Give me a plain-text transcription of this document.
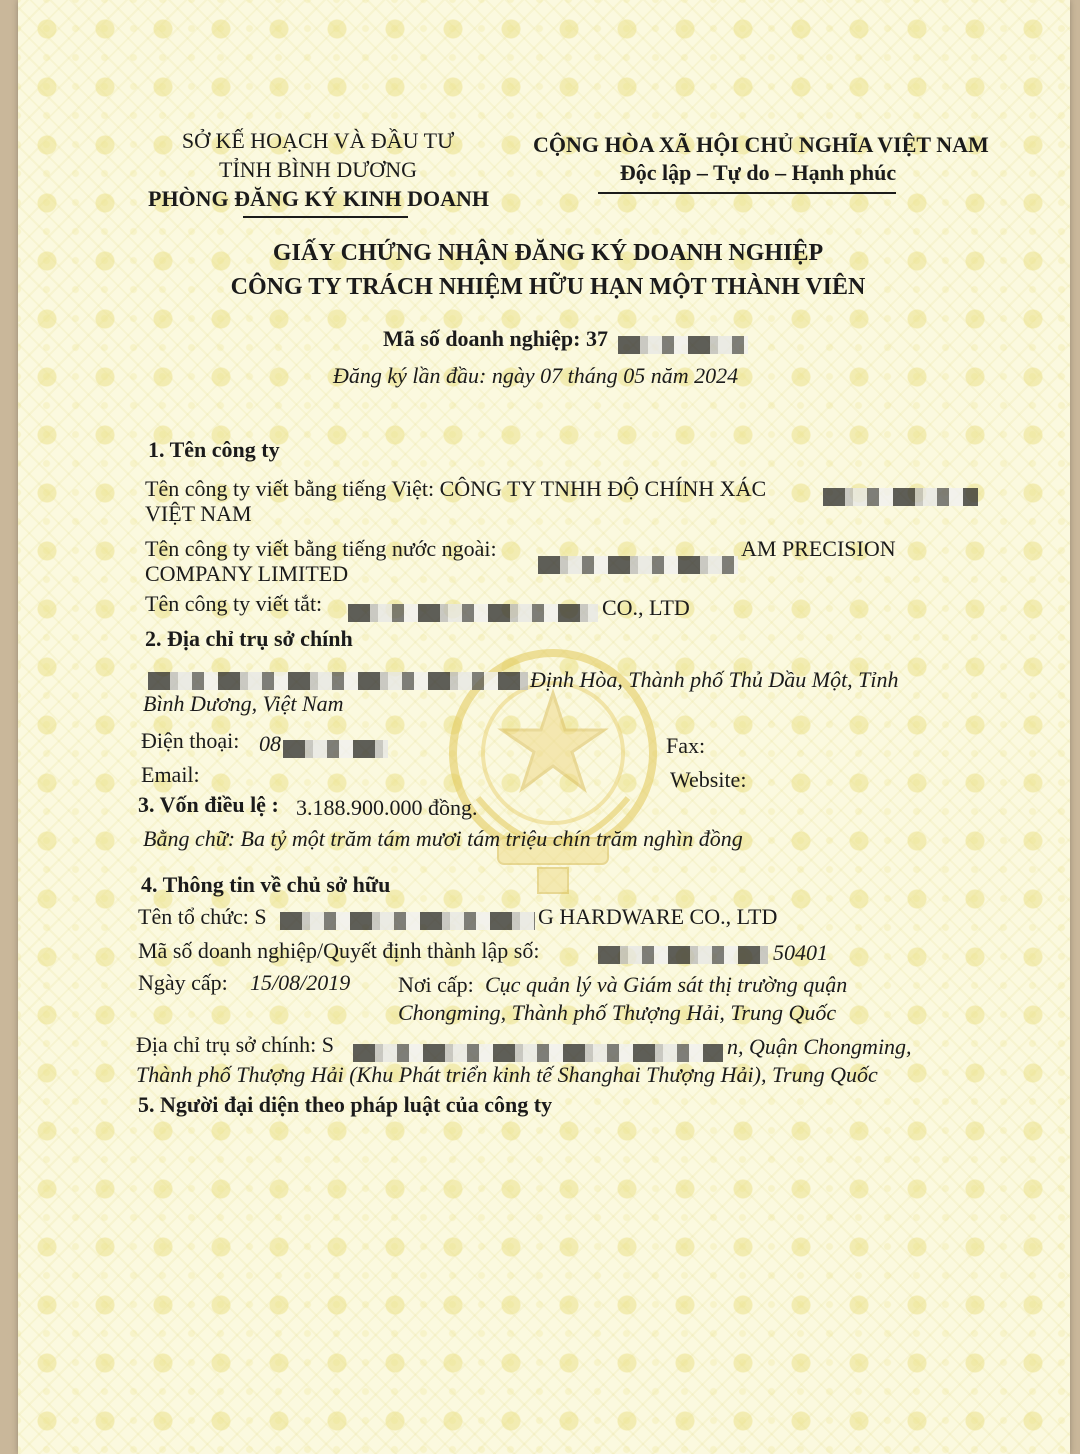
SỞ KẾ HOẠCH VÀ ĐẦU TƯ
TỈNH BÌNH DƯƠNG
PHÒNG ĐĂNG KÝ KINH DOANH
CỘNG HÒA XÃ HỘI CHỦ NGHĨA VIỆT NAM
Độc lập – Tự do – Hạnh phúc
GIẤY CHỨNG NHẬN ĐĂNG KÝ DOANH NGHIỆP
CÔNG TY TRÁCH NHIỆM HỮU HẠN MỘT THÀNH VIÊN
Mã số doanh nghiệp: 37
Đăng ký lần đầu: ngày 07 tháng 05 năm 2024
1. Tên công ty
Tên công ty viết bằng tiếng Việt: CÔNG TY TNHH ĐỘ CHÍNH XÁC
VIỆT NAM
Tên công ty viết bằng tiếng nước ngoài:	AM PRECISION
COMPANY LIMITED
Tên công ty viết tắt:	CO., LTD
2. Địa chỉ trụ sở chính
Định Hòa, Thành phố Thủ Dầu Một, Tỉnh
Bình Dương, Việt Nam
Điện thoại: 08	Fax:
Email:	Website:
3. Vốn điều lệ : 3.188.900.000 đồng.
Bằng chữ: Ba tỷ một trăm tám mươi tám triệu chín trăm nghìn đồng
4. Thông tin về chủ sở hữu
Tên tổ chức: S	G HARDWARE CO., LTD
Mã số doanh nghiệp/Quyết định thành lập số:	50401
Ngày cấp: 15/08/2019 Nơi cấp: Cục quản lý và Giám sát thị trường quận
Chongming, Thành phố Thượng Hải, Trung Quốc
Địa chỉ trụ sở chính: S	n, Quận Chongming,
Thành phố Thượng Hải (Khu Phát triển kinh tế Shanghai Thượng Hải), Trung Quốc
5. Người đại diện theo pháp luật của công ty
